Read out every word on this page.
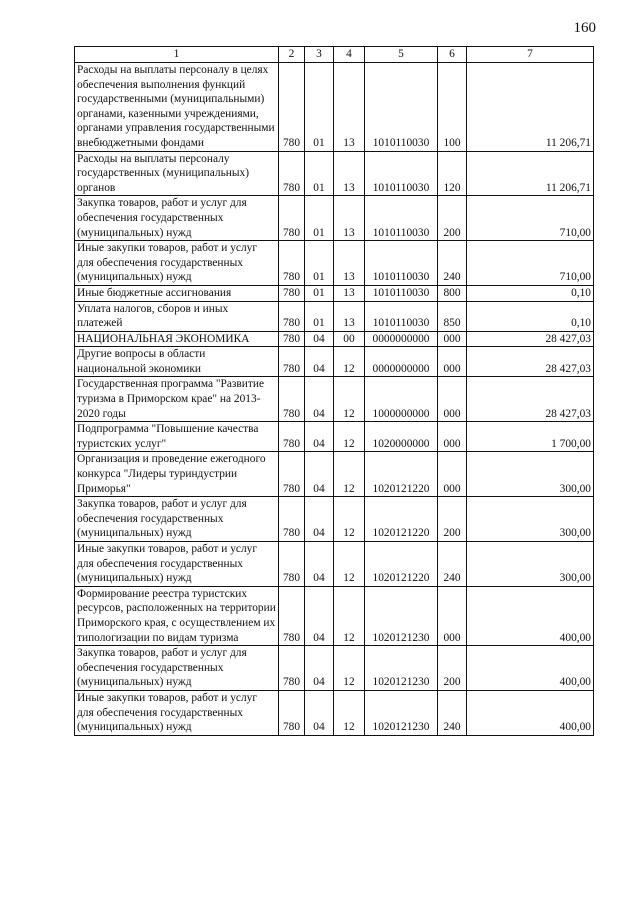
160
1	2	3	4	5	6	7
Расходы на выплаты персоналу в целях обеспечения выполнения функций государственными (муниципальными) органами, казенными учреждениями, органами управления государственными внебюджетными фондами	780	01	13	1010110030	100	11 206,71
Расходы на выплаты персоналу государственных (муниципальных) органов	780	01	13	1010110030	120	11 206,71
Закупка товаров, работ и услуг для обеспечения государственных (муниципальных) нужд	780	01	13	1010110030	200	710,00
Иные закупки товаров, работ и услуг для обеспечения государственных (муниципальных) нужд	780	01	13	1010110030	240	710,00
Иные бюджетные ассигнования	780	01	13	1010110030	800	0,10
Уплата налогов, сборов и иных платежей	780	01	13	1010110030	850	0,10
НАЦИОНАЛЬНАЯ ЭКОНОМИКА	780	04	00	0000000000	000	28 427,03
Другие вопросы в области национальной экономики	780	04	12	0000000000	000	28 427,03
Государственная программа "Развитие туризма в Приморском крае" на 2013-2020 годы	780	04	12	1000000000	000	28 427,03
Подпрограмма "Повышение качества туристских услуг"	780	04	12	1020000000	000	1 700,00
Организация и проведение ежегодного конкурса "Лидеры туриндустрии Приморья"	780	04	12	1020121220	000	300,00
Закупка товаров, работ и услуг для обеспечения государственных (муниципальных) нужд	780	04	12	1020121220	200	300,00
Иные закупки товаров, работ и услуг для обеспечения государственных (муниципальных) нужд	780	04	12	1020121220	240	300,00
Формирование реестра туристских ресурсов, расположенных на территории Приморского края, с осуществлением их типологизации по видам туризма	780	04	12	1020121230	000	400,00
Закупка товаров, работ и услуг для обеспечения государственных (муниципальных) нужд	780	04	12	1020121230	200	400,00
Иные закупки товаров, работ и услуг для обеспечения государственных (муниципальных) нужд	780	04	12	1020121230	240	400,00
